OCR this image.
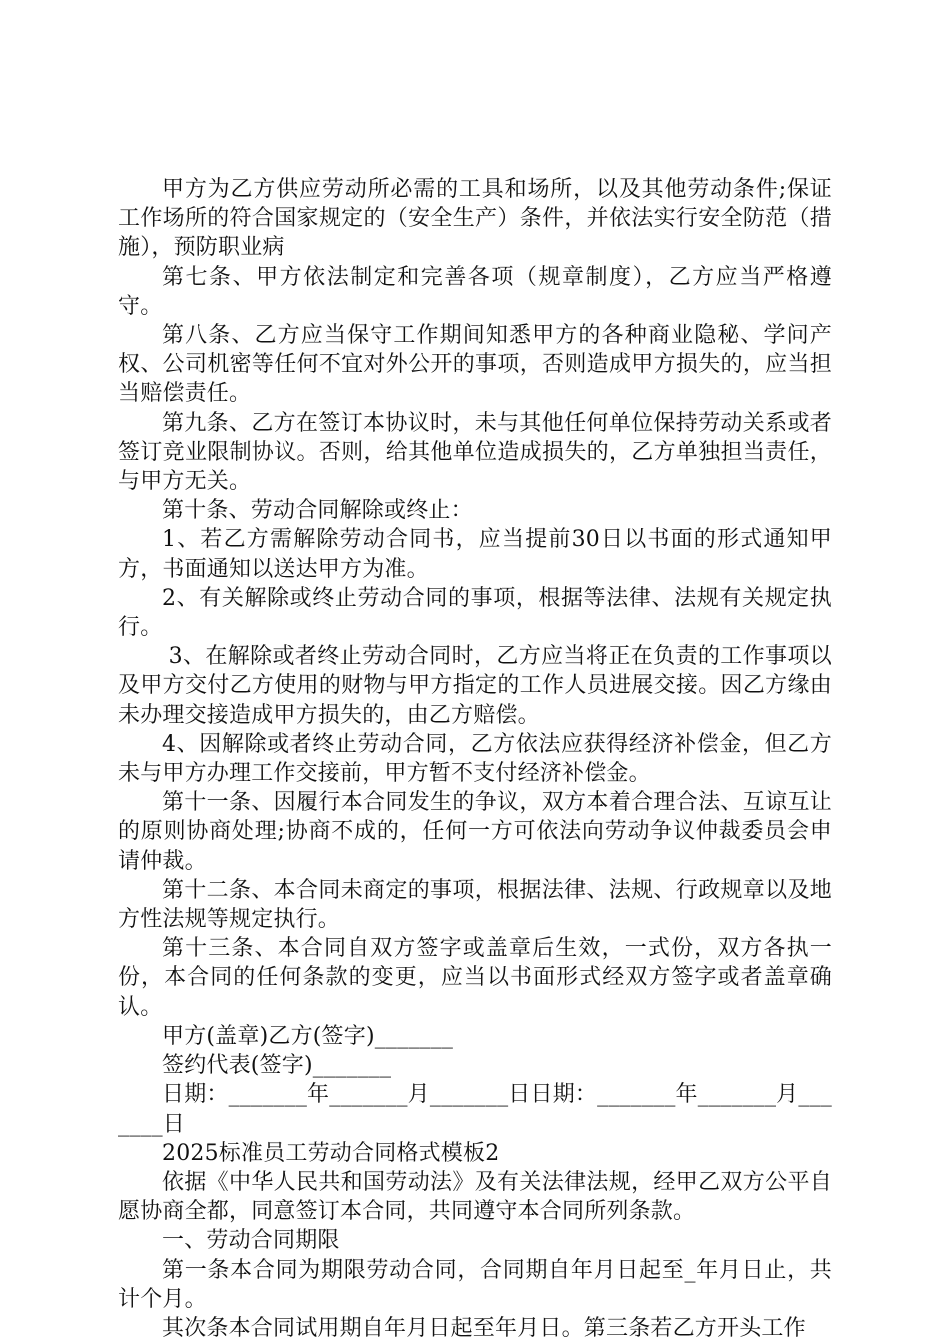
甲方为乙方供应劳动所必需的工具和场所，以及其他劳动条件;保证工作场所的符合国家规定的（安全生产）条件，并依法实行安全防范（措施），预防职业病

第七条、甲方依法制定和完善各项（规章制度），乙方应当严格遵守。

第八条、乙方应当保守工作期间知悉甲方的各种商业隐秘、学问产权、公司机密等任何不宜对外公开的事项，否则造成甲方损失的，应当担当赔偿责任。

第九条、乙方在签订本协议时，未与其他任何单位保持劳动关系或者签订竞业限制协议。否则，给其他单位造成损失的，乙方单独担当责任，与甲方无关。

第十条、劳动合同解除或终止：

1、若乙方需解除劳动合同书，应当提前30日以书面的形式通知甲方，书面通知以送达甲方为准。

2、有关解除或终止劳动合同的事项，根据等法律、法规有关规定执行。

3、在解除或者终止劳动合同时，乙方应当将正在负责的工作事项以及甲方交付乙方使用的财物与甲方指定的工作人员进展交接。因乙方缘由未办理交接造成甲方损失的，由乙方赔偿。

4、因解除或者终止劳动合同，乙方依法应获得经济补偿金，但乙方未与甲方办理工作交接前，甲方暂不支付经济补偿金。

第十一条、因履行本合同发生的争议，双方本着合理合法、互谅互让的原则协商处理;协商不成的，任何一方可依法向劳动争议仲裁委员会申请仲裁。

第十二条、本合同未商定的事项，根据法律、法规、行政规章以及地方性法规等规定执行。

第十三条、本合同自双方签字或盖章后生效，一式份，双方各执一份，本合同的任何条款的变更，应当以书面形式经双方签字或者盖章确认。

甲方(盖章)乙方(签字)_______

签约代表(签字)_______

日期：_______年_______月_______日日期：_______年_______月_______日

2025标准员工劳动合同格式模板2

依据《中华人民共和国劳动法》及有关法律法规，经甲乙双方公平自愿协商全都，同意签订本合同，共同遵守本合同所列条款。

一、劳动合同期限

第一条本合同为期限劳动合同，合同期自年月日起至_年月日止，共计个月。

其次条本合同试用期自年月日起至年月日。第三条若乙方开头工作
